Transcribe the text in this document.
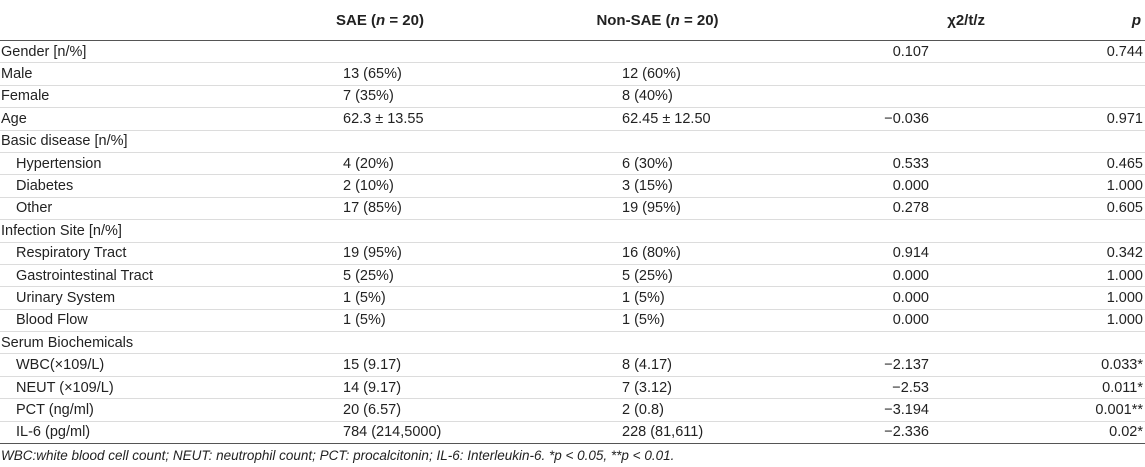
	SAE (n = 20)	Non-SAE (n = 20)	χ2/t/z	p
Gender [n/%]			0.107	0.744
Male	13 (65%)	12 (60%)		
Female	7 (35%)	8 (40%)		
Age	62.3 ± 13.55	62.45 ± 12.50	−0.036	0.971
Basic disease [n/%]				
Hypertension	4 (20%)	6 (30%)	0.533	0.465
Diabetes	2 (10%)	3 (15%)	0.000	1.000
Other	17 (85%)	19 (95%)	0.278	0.605
Infection Site [n/%]				
Respiratory Tract	19 (95%)	16 (80%)	0.914	0.342
Gastrointestinal Tract	5 (25%)	5 (25%)	0.000	1.000
Urinary System	1 (5%)	1 (5%)	0.000	1.000
Blood Flow	1 (5%)	1 (5%)	0.000	1.000
Serum Biochemicals				
WBC(×109/L)	15 (9.17)	8 (4.17)	−2.137	0.033*
NEUT (×109/L)	14 (9.17)	7 (3.12)	−2.53	0.011*
PCT (ng/ml)	20 (6.57)	2 (0.8)	−3.194	0.001**
IL-6 (pg/ml)	784 (214,5000)	228 (81,611)	−2.336	0.02*
WBC:white blood cell count; NEUT: neutrophil count; PCT: procalcitonin; IL-6: Interleukin-6. *p < 0.05, **p < 0.01.
